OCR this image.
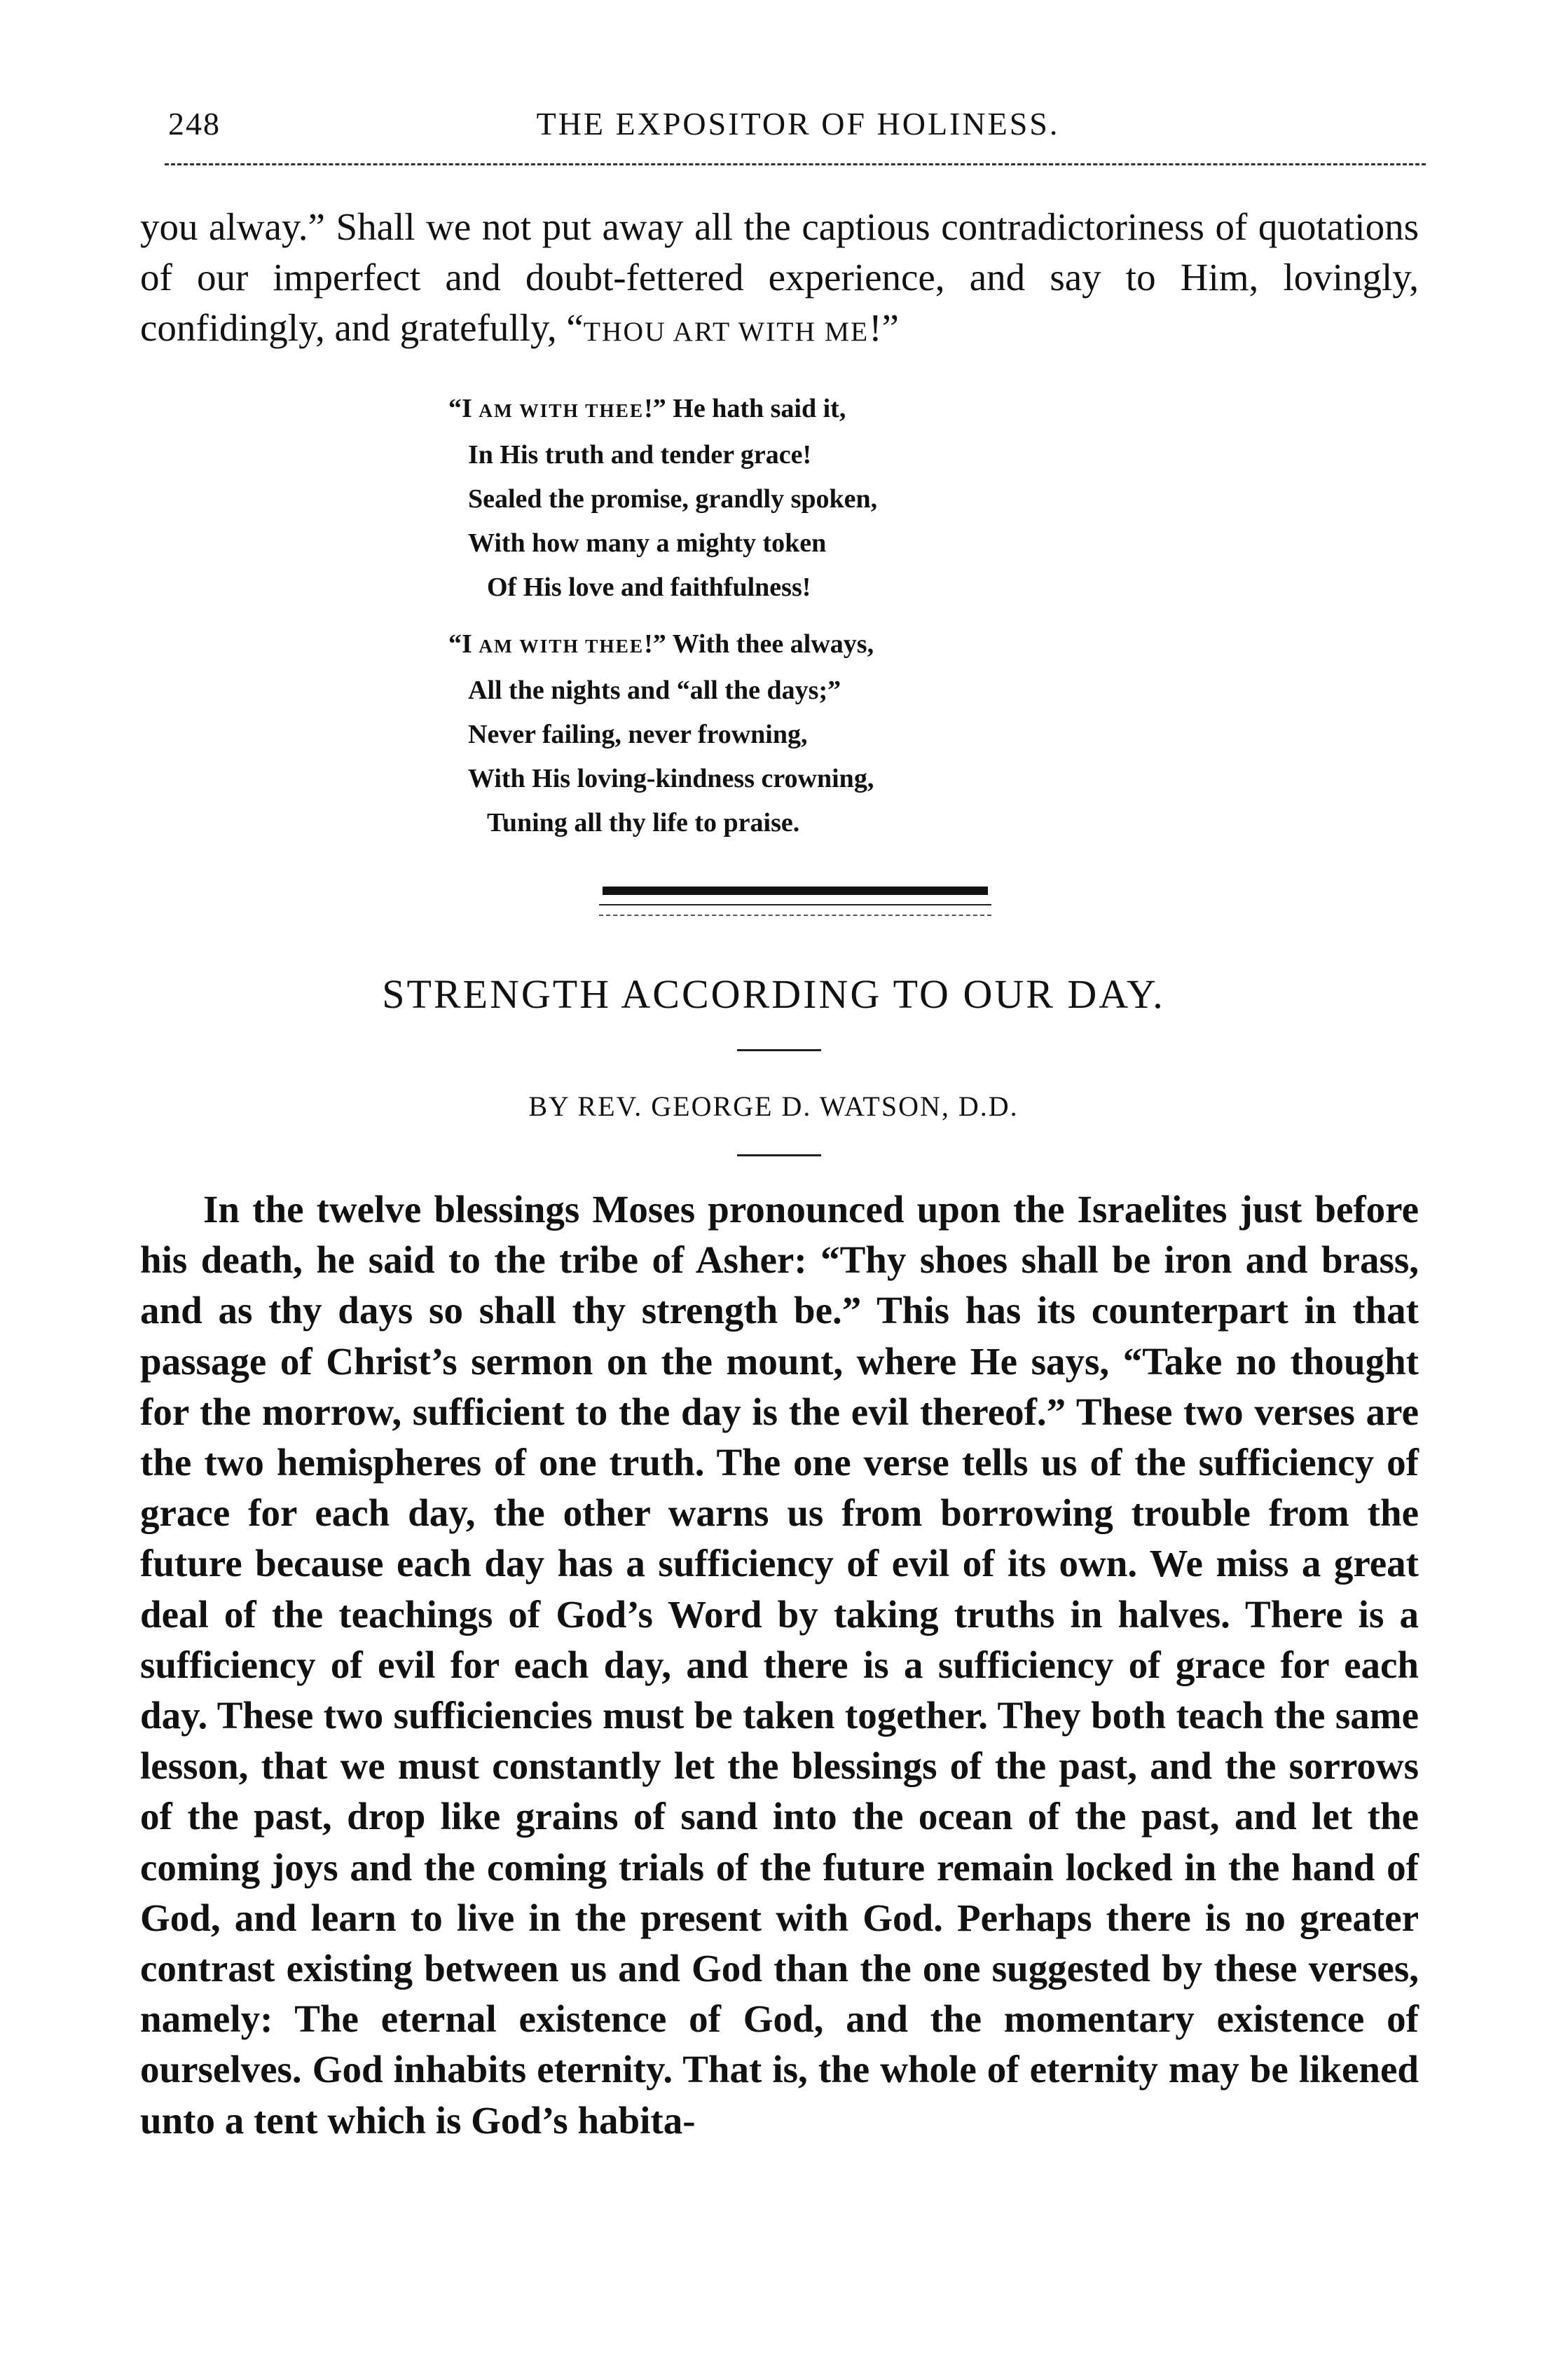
248	THE EXPOSITOR OF HOLINESS.

you alway.” Shall we not put away all the captious contradictoriness of quotations of our imperfect and doubt-fettered experience, and say to Him, lovingly, confidingly, and gratefully, “THOU ART WITH ME!”

“I AM WITH THEE!” He hath said it,
In His truth and tender grace!
Sealed the promise, grandly spoken,
With how many a mighty token
Of His love and faithfulness!
“I AM WITH THEE!” With thee always,
All the nights and “all the days;”
Never failing, never frowning,
With His loving-kindness crowning,
Tuning all thy life to praise.
STRENGTH ACCORDING TO OUR DAY.
BY REV. GEORGE D. WATSON, D.D.

In the twelve blessings Moses pronounced upon the Israelites just before his death, he said to the tribe of Asher: “Thy shoes shall be iron and brass, and as thy days so shall thy strength be.” This has its counterpart in that passage of Christ’s sermon on the mount, where He says, “Take no thought for the morrow, sufficient to the day is the evil thereof.” These two verses are the two hemispheres of one truth. The one verse tells us of the sufficiency of grace for each day, the other warns us from borrowing trouble from the future because each day has a sufficiency of evil of its own. We miss a great deal of the teachings of God’s Word by taking truths in halves. There is a sufficiency of evil for each day, and there is a sufficiency of grace for each day. These two sufficiencies must be taken together. They both teach the same lesson, that we must constantly let the blessings of the past, and the sorrows of the past, drop like grains of sand into the ocean of the past, and let the coming joys and the coming trials of the future remain locked in the hand of God, and learn to live in the present with God. Perhaps there is no greater contrast existing between us and God than the one suggested by these verses, namely: The eternal existence of God, and the momentary existence of ourselves. God inhabits eternity. That is, the whole of eternity may be likened unto a tent which is God’s habita-
